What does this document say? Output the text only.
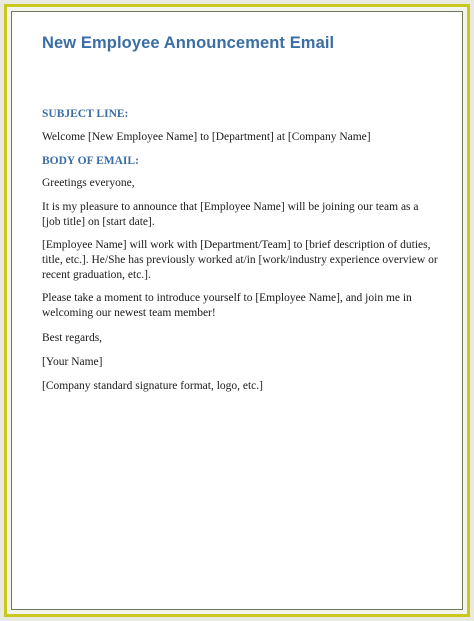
New Employee Announcement Email

SUBJECT LINE:

Welcome [New Employee Name] to [Department] at [Company Name]

BODY OF EMAIL:

Greetings everyone,

It is my pleasure to announce that [Employee Name] will be joining our team as a [job title] on [start date].

[Employee Name] will work with [Department/Team] to [brief description of duties, title, etc.]. He/She has previously worked at/in [work/industry experience overview or recent graduation, etc.].

Please take a moment to introduce yourself to [Employee Name], and join me in welcoming our newest team member!

Best regards,

[Your Name]

[Company standard signature format, logo, etc.]
